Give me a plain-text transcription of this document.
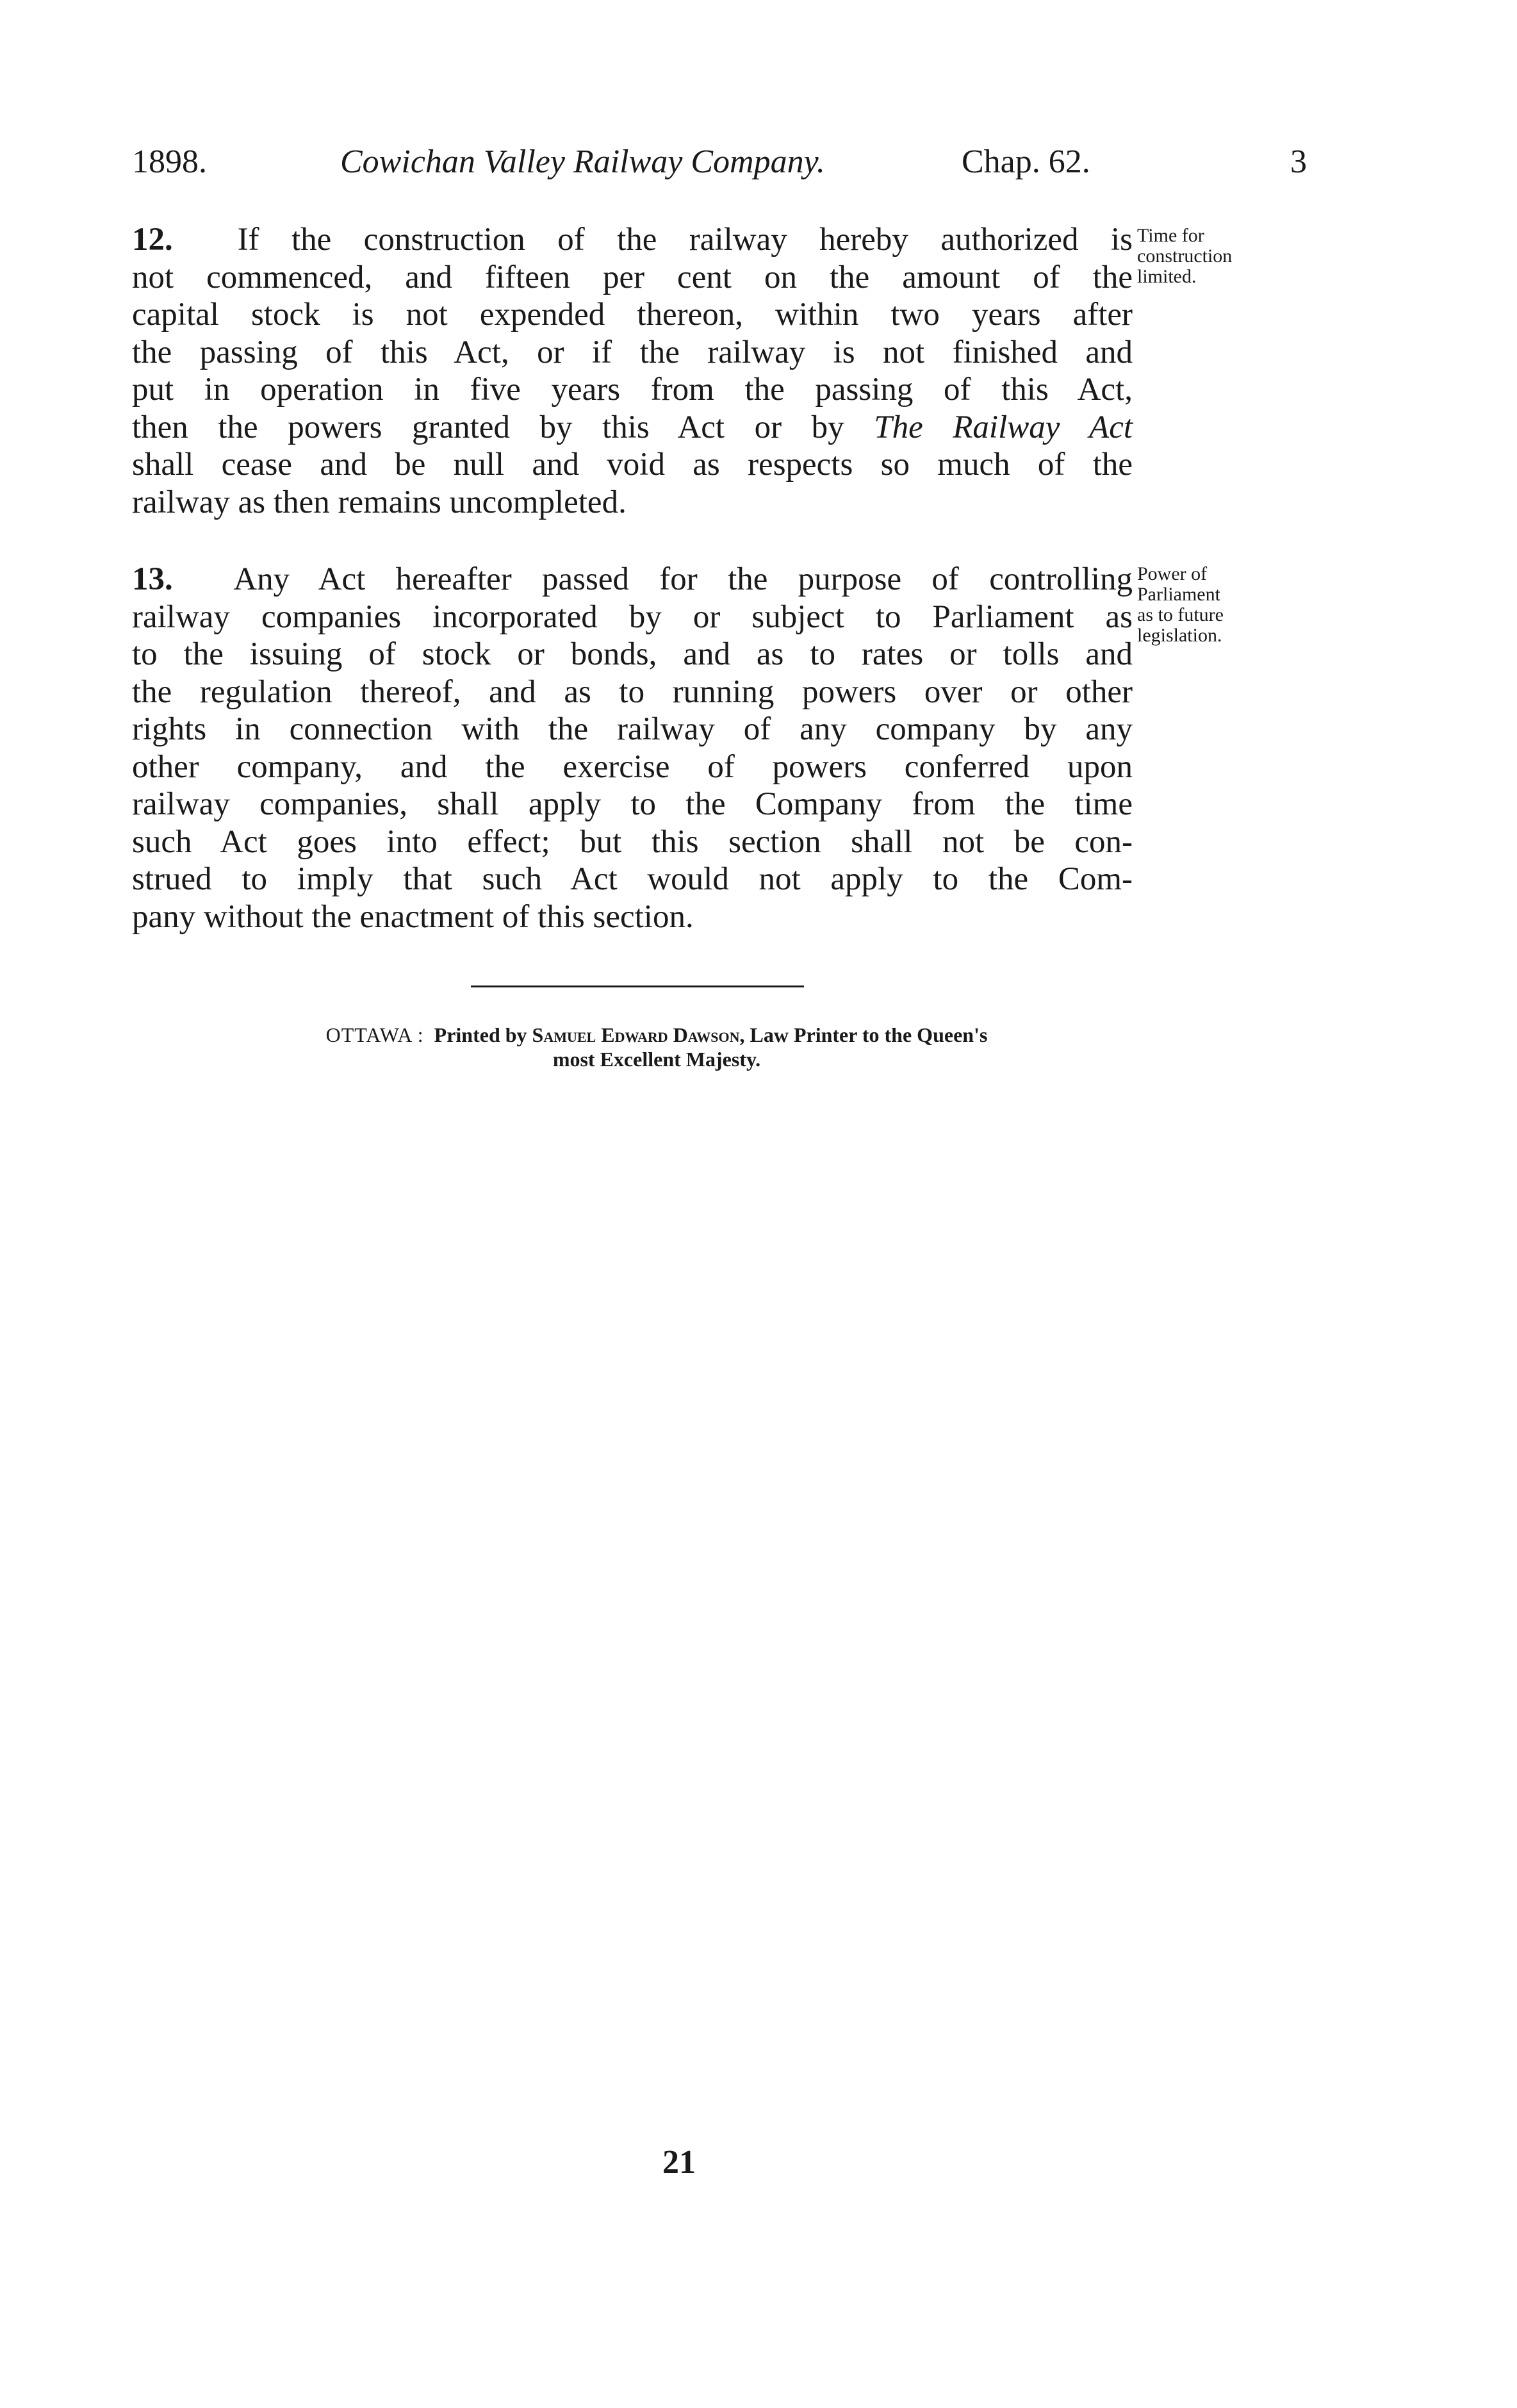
1898.	Cowichan Valley Railway Company.	Chap. 62.	3
12. If the construction of the railway hereby authorized is
not commenced, and fifteen per cent on the amount of the
capital stock is not expended thereon, within two years after
the passing of this Act, or if the railway is not finished and
put in operation in five years from the passing of this Act,
then the powers granted by this Act or by The Railway Act
shall cease and be null and void as respects so much of the
railway as then remains uncompleted.
Time for
construction
limited.
13. Any Act hereafter passed for the purpose of controlling
railway companies incorporated by or subject to Parliament as
to the issuing of stock or bonds, and as to rates or tolls and
the regulation thereof, and as to running powers over or other
rights in connection with the railway of any company by any
other company, and the exercise of powers conferred upon
railway companies, shall apply to the Company from the time
such Act goes into effect; but this section shall not be con-
strued to imply that such Act would not apply to the Com-
pany without the enactment of this section.
Power of
Parliament
as to future
legislation.
OTTAWA : Printed by Samuel Edward Dawson, Law Printer to the Queen's
most Excellent Majesty.
21
